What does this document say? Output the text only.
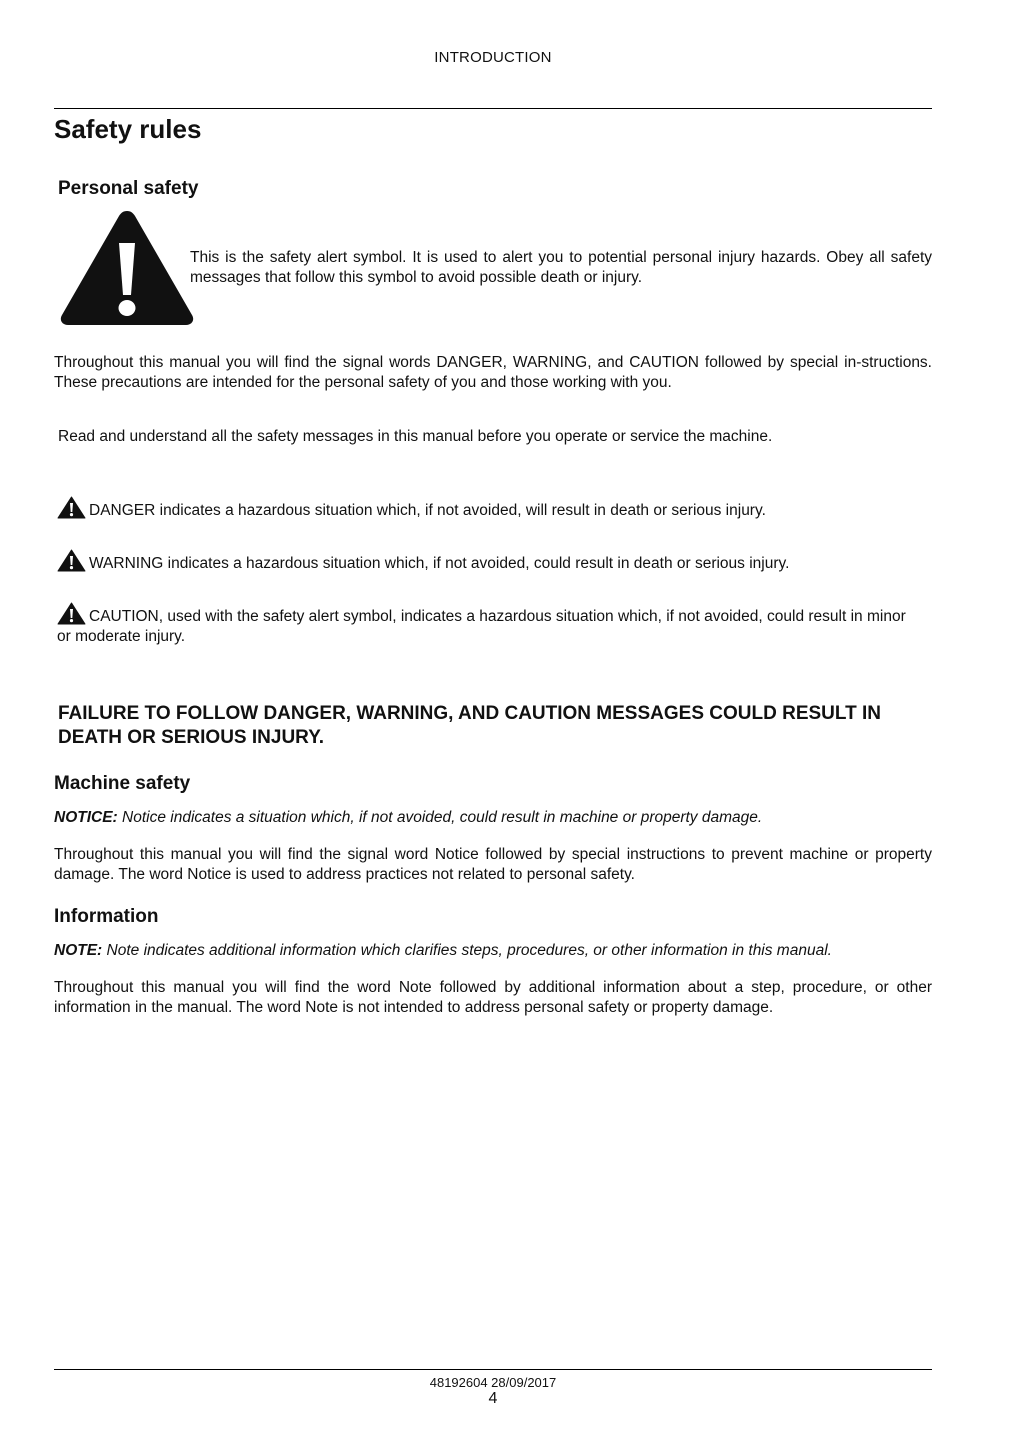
INTRODUCTION
Safety rules
Personal safety

This is the safety alert symbol. It is used to alert you to potential personal injury hazards. Obey all safety messages that follow this symbol to avoid possible death or injury.

Throughout this manual you will find the signal words DANGER, WARNING, and CAUTION followed by special in-structions. These precautions are intended for the personal safety of you and those working with you.

Read and understand all the safety messages in this manual before you operate or service the machine.

DANGER indicates a hazardous situation which, if not avoided, will result in death or serious injury.
WARNING indicates a hazardous situation which, if not avoided, could result in death or serious injury.
CAUTION, used with the safety alert symbol, indicates a hazardous situation which, if not avoided, could result in minor or moderate injury.

FAILURE TO FOLLOW DANGER, WARNING, AND CAUTION MESSAGES COULD RESULT IN DEATH OR SERIOUS INJURY.

Machine safety

NOTICE: Notice indicates a situation which, if not avoided, could result in machine or property damage.

Throughout this manual you will find the signal word Notice followed by special instructions to prevent machine or property damage. The word Notice is used to address practices not related to personal safety.

Information

NOTE: Note indicates additional information which clarifies steps, procedures, or other information in this manual.

Throughout this manual you will find the word Note followed by additional information about a step, procedure, or other information in the manual. The word Note is not intended to address personal safety or property damage.

48192604 28/09/2017
4
